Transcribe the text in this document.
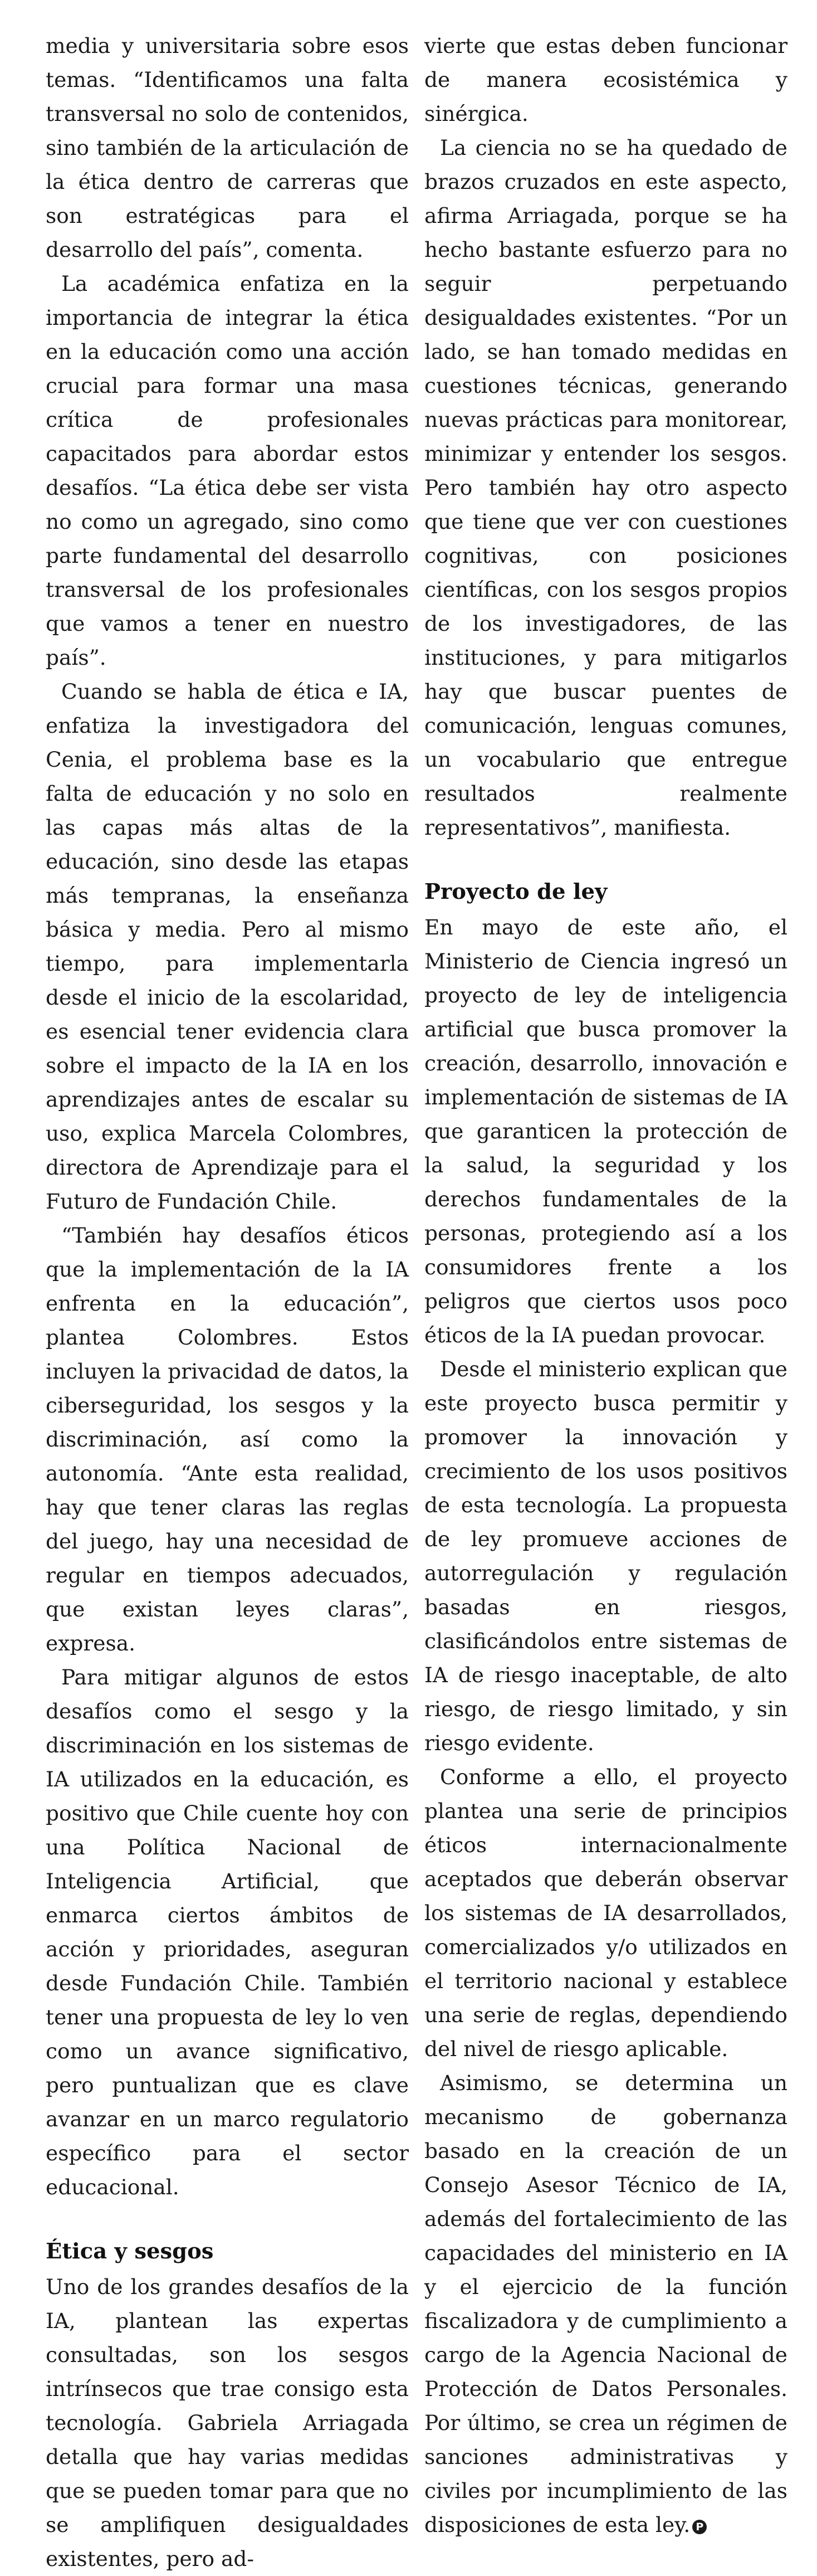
media y universitaria sobre esos temas. “Identificamos una falta transversal no solo de contenidos, sino también de la articulación de la ética dentro de carreras que son estratégicas para el desarrollo del país”, comenta.

La académica enfatiza en la importancia de integrar la ética en la educación como una acción crucial para formar una masa crítica de profesionales capacitados para abordar estos desafíos. “La ética debe ser vista no como un agregado, sino como parte fundamental del desarrollo transversal de los profesionales que vamos a tener en nuestro país”.

Cuando se habla de ética e IA, enfatiza la investigadora del Cenia, el problema base es la falta de educación y no solo en las capas más altas de la educación, sino desde las etapas más tempranas, la enseñanza básica y media. Pero al mismo tiempo, para implementarla desde el inicio de la escolaridad, es esencial tener evidencia clara sobre el impacto de la IA en los aprendizajes antes de escalar su uso, explica Marcela Colombres, directora de Aprendizaje para el Futuro de Fundación Chile.

“También hay desafíos éticos que la implementación de la IA enfrenta en la educación”, plantea Colombres. Estos incluyen la privacidad de datos, la ciberseguridad, los sesgos y la discriminación, así como la autonomía. “Ante esta realidad, hay que tener claras las reglas del juego, hay una necesidad de regular en tiempos adecuados, que existan leyes claras”, expresa.

Para mitigar algunos de estos desafíos como el sesgo y la discriminación en los sistemas de IA utilizados en la educación, es positivo que Chile cuente hoy con una Política Nacional de Inteligencia Artificial, que enmarca ciertos ámbitos de acción y prioridades, aseguran desde Fundación Chile. También tener una propuesta de ley lo ven como un avance significativo, pero puntualizan que es clave avanzar en un marco regulatorio específico para el sector educacional.

Ética y sesgos

Uno de los grandes desafíos de la IA, plantean las expertas consultadas, son los sesgos intrínsecos que trae consigo esta tecnología. Gabriela Arriagada detalla que hay varias medidas que se pueden tomar para que no se amplifiquen desigualdades existentes, pero ad-

vierte que estas deben funcionar de manera ecosistémica y sinérgica.

La ciencia no se ha quedado de brazos cruzados en este aspecto, afirma Arriagada, porque se ha hecho bastante esfuerzo para no seguir perpetuando desigualdades existentes. “Por un lado, se han tomado medidas en cuestiones técnicas, generando nuevas prácticas para monitorear, minimizar y entender los sesgos. Pero también hay otro aspecto que tiene que ver con cuestiones cognitivas, con posiciones científicas, con los sesgos propios de los investigadores, de las instituciones, y para mitigarlos hay que buscar puentes de comunicación, lenguas comunes, un vocabulario que entregue resultados realmente representativos”, manifiesta.

Proyecto de ley

En mayo de este año, el Ministerio de Ciencia ingresó un proyecto de ley de inteligencia artificial que busca promover la creación, desarrollo, innovación e implementación de sistemas de IA que garanticen la protección de la salud, la seguridad y los derechos fundamentales de la personas, protegiendo así a los consumidores frente a los peligros que ciertos usos poco éticos de la IA puedan provocar.

Desde el ministerio explican que este proyecto busca permitir y promover la innovación y crecimiento de los usos positivos de esta tecnología. La propuesta de ley promueve acciones de autorregulación y regulación basadas en riesgos, clasificándolos entre sistemas de IA de riesgo inaceptable, de alto riesgo, de riesgo limitado, y sin riesgo evidente.

Conforme a ello, el proyecto plantea una serie de principios éticos internacionalmente aceptados que deberán observar los sistemas de IA desarrollados, comercializados y/o utilizados en el territorio nacional y establece una serie de reglas, dependiendo del nivel de riesgo aplicable.

Asimismo, se determina un mecanismo de gobernanza basado en la creación de un Consejo Asesor Técnico de IA, además del fortalecimiento de las capacidades del ministerio en IA y el ejercicio de la función fiscalizadora y de cumplimiento a cargo de la Agencia Nacional de Protección de Datos Personales. Por último, se crea un régimen de sanciones administrativas y civiles por incumplimiento de las disposiciones de esta ley. P
